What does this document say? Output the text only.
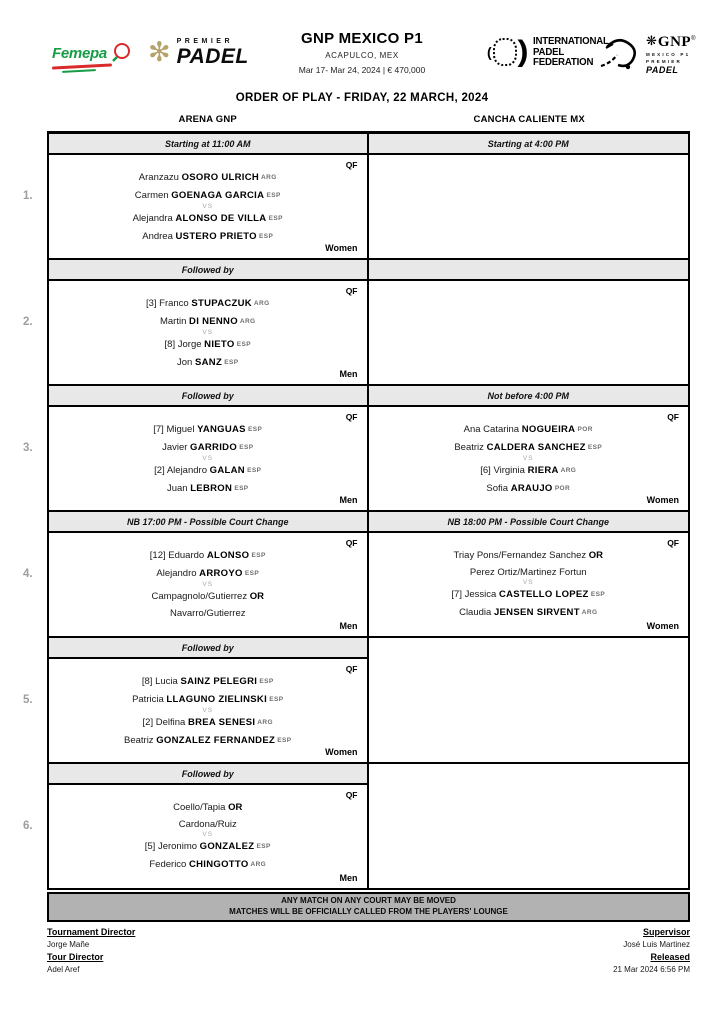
Femepa ✻ PREMIER
PADEL
GNP MEXICO P1
ACAPULCO, MEX
Mar 17- Mar 24, 2024 | € 470,000
( ) INTERNATIONAL
PADEL
FEDERATION
❋ GNP ®
MEXICO P1
PREMIER
PADEL
ORDER OF PLAY - FRIDAY, 22 MARCH, 2024
ARENA GNP	CANCHA CALIENTE MX
1.
Starting at 11:00 AM
QF
Aranzazu OSORO ULRICH ARG
Carmen GOENAGA GARCIA ESP
VS
Alejandra ALONSO DE VILLA ESP
Andrea USTERO PRIETO ESP
Women
Starting at 4:00 PM
2.
Followed by
QF
[3] Franco STUPACZUK ARG
Martin DI NENNO ARG
VS
[8] Jorge NIETO ESP
Jon SANZ ESP
Men
3.
Followed by
QF
[7] Miguel YANGUAS ESP
Javier GARRIDO ESP
VS
[2] Alejandro GALAN ESP
Juan LEBRON ESP
Men
Not before 4:00 PM
QF
Ana Catarina NOGUEIRA POR
Beatriz CALDERA SANCHEZ ESP
VS
[6] Virginia RIERA ARG
Sofia ARAUJO POR
Women
4.
NB 17:00 PM - Possible Court Change
QF
[12] Eduardo ALONSO ESP
Alejandro ARROYO ESP
VS
Campagnolo/Gutierrez OR
Navarro/Gutierrez
Men
NB 18:00 PM - Possible Court Change
QF
Triay Pons/Fernandez Sanchez OR
Perez Ortiz/Martinez Fortun
VS
[7] Jessica CASTELLO LOPEZ ESP
Claudia JENSEN SIRVENT ARG
Women
5.
Followed by
QF
[8] Lucia SAINZ PELEGRI ESP
Patricia LLAGUNO ZIELINSKI ESP
VS
[2] Delfina BREA SENESI ARG
Beatriz GONZALEZ FERNANDEZ ESP
Women
6.
Followed by
QF
Coello/Tapia OR
Cardona/Ruiz
VS
[5] Jeronimo GONZALEZ ESP
Federico CHINGOTTO ARG
Men
ANY MATCH ON ANY COURT MAY BE MOVED
MATCHES WILL BE OFFICIALLY CALLED FROM THE PLAYERS' LOUNGE
Tournament Director
Jorge Mañe
Tour Director
Adel Aref
Supervisor
José Luis Martinez
Released
21 Mar 2024 6:56 PM
